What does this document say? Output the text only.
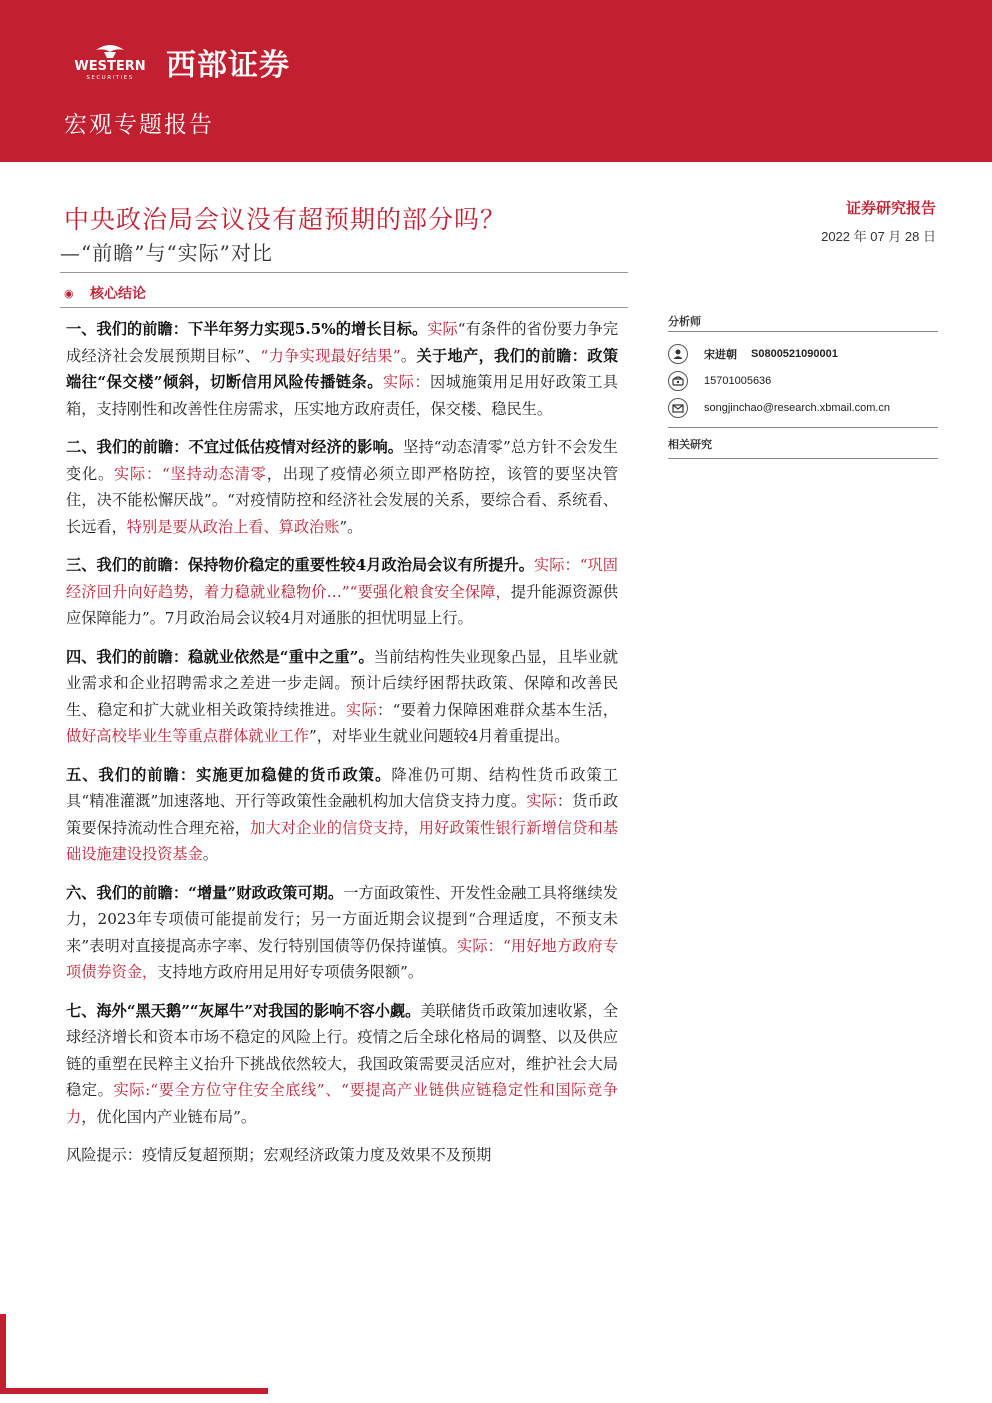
WESTERN
SECURITIES 西部证券
宏观专题报告
中央政治局会议没有超预期的部分吗？
—“前瞻”与“实际”对比
证券研究报告
2022 年 07 月 28 日
◉ 核心结论

一、我们的前瞻：下半年努力实现5.5%的增长目标。实际“有条件的省份要力争完成经济社会发展预期目标”、“力争实现最好结果”。关于地产，我们的前瞻：政策端往“保交楼”倾斜，切断信用风险传播链条。实际：因城施策用足用好政策工具箱，支持刚性和改善性住房需求，压实地方政府责任，保交楼、稳民生。

二、我们的前瞻：不宜过低估疫情对经济的影响。坚持“动态清零”总方针不会发生变化。实际：“坚持动态清零，出现了疫情必须立即严格防控，该管的要坚决管住，决不能松懈厌战”。“对疫情防控和经济社会发展的关系，要综合看、系统看、长远看，特别是要从政治上看、算政治账”。

三、我们的前瞻：保持物价稳定的重要性较4月政治局会议有所提升。实际：“巩固经济回升向好趋势，着力稳就业稳物价…”“要强化粮食安全保障，提升能源资源供应保障能力”。7月政治局会议较4月对通胀的担忧明显上行。

四、我们的前瞻：稳就业依然是“重中之重”。当前结构性失业现象凸显，且毕业就业需求和企业招聘需求之差进一步走阔。预计后续纾困帮扶政策、保障和改善民生、稳定和扩大就业相关政策持续推进。实际：“要着力保障困难群众基本生活，做好高校毕业生等重点群体就业工作”，对毕业生就业问题较4月着重提出。

五、我们的前瞻：实施更加稳健的货币政策。降准仍可期、结构性货币政策工具“精准灌溉”加速落地、开行等政策性金融机构加大信贷支持力度。实际：货币政策要保持流动性合理充裕，加大对企业的信贷支持，用好政策性银行新增信贷和基础设施建设投资基金。

六、我们的前瞻：“增量”财政政策可期。一方面政策性、开发性金融工具将继续发力，2023年专项债可能提前发行；另一方面近期会议提到“合理适度，不预支未来”表明对直接提高赤字率、发行特别国债等仍保持谨慎。实际：“用好地方政府专项债券资金，支持地方政府用足用好专项债务限额”。

七、海外“黑天鹅”“灰犀牛”对我国的影响不容小觑。美联储货币政策加速收紧，全球经济增长和资本市场不稳定的风险上行。疫情之后全球化格局的调整、以及供应链的重塑在民粹主义抬升下挑战依然较大，我国政策需要灵活应对，维护社会大局稳定。实际:“要全方位守住安全底线”、“要提高产业链供应链稳定性和国际竞争力，优化国内产业链布局”。

风险提示：疫情反复超预期；宏观经济政策力度及效果不及预期

分析师
宋进朝 S0800521090001
15701005636
songjinchao@research.xbmail.com.cn
相关研究
